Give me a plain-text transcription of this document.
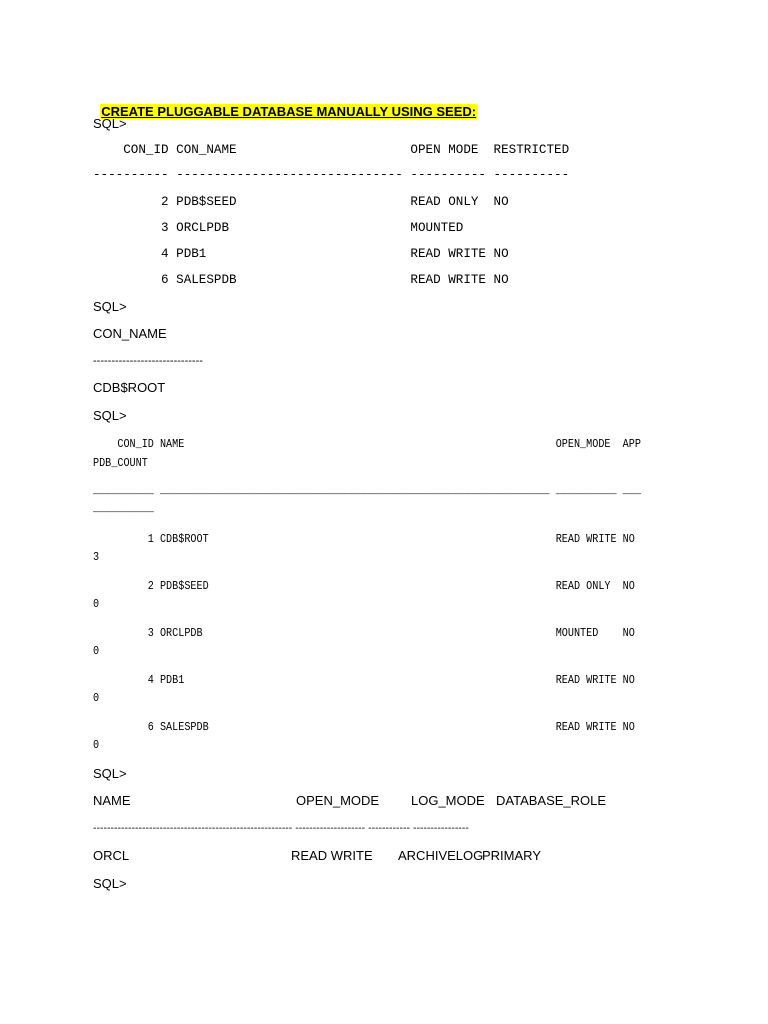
CREATE PLUGGABLE DATABASE MANUALLY USING SEED:

SQL>
CON_ID CON_NAME                       OPEN MODE  RESTRICTED
---------- ------------------------------ ---------- ----------
2 PDB$SEED                       READ ONLY  NO
3 ORCLPDB                        MOUNTED
4 PDB1                           READ WRITE NO
6 SALESPDB                       READ WRITE NO
SQL>
CON_NAME
------------------------------
CDB$ROOT
SQL>
CON_ID NAME                                                             OPEN_MODE  APP
PDB_COUNT
__________ ________________________________________________________________ __________ ___
__________
1 CDB$ROOT                                                         READ WRITE NO
3
2 PDB$SEED                                                         READ ONLY  NO
0
3 ORCLPDB                                                          MOUNTED    NO
0
4 PDB1                                                             READ WRITE NO
0
6 SALESPDB                                                         READ WRITE NO
0
SQL>
NAME	OPEN_MODE LOG_MODE DATABASE_ROLE
--------------------------------------------------------- -------------------- ------------ ----------------
ORCL	READ WRITE ARCHIVELOG
PRIMARY
SQL>
